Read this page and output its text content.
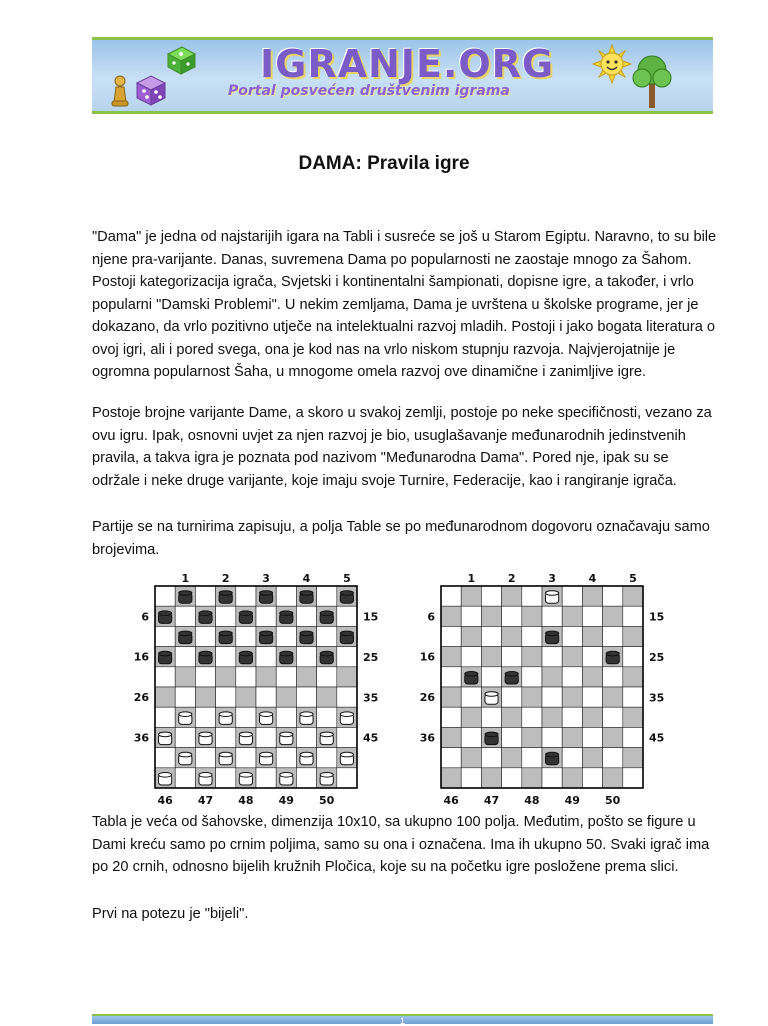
IGRANJE.ORG
Portal posvećen društvenim igrama
DAMA: Pravila igre

"Dama" je jedna od najstarijih igara na Tabli i susreće se još u Starom Egiptu. Naravno, to su bile njene pra-varijante. Danas, suvremena Dama po popularnosti ne zaostaje mnogo za Šahom. Postoji kategorizacija igrača, Svjetski i kontinentalni šampionati, dopisne igre, a također, i vrlo popularni "Damski Problemi". U nekim zemljama, Dama je uvrštena u školske programe, jer je dokazano, da vrlo pozitivno utječe na intelektualni razvoj mladih. Postoji i jako bogata literatura o ovoj igri, ali i pored svega, ona je kod nas na vrlo niskom stupnju razvoja. Najvjerojatnije je ogromna popularnost Šaha, u mnogome omela razvoj ove dinamične i zanimljive igre.

Postoje brojne varijante Dame, a skoro u svakoj zemlji, postoje po neke specifičnosti, vezano za ovu igru. Ipak, osnovni uvjet za njen razvoj je bio, usuglašavanje međunarodnih jedinstvenih pravila, a takva igra je poznata pod nazivom "Međunarodna Dama". Pored nje, ipak su se održale i neke druge varijante, koje imaju svoje Turnire, Federacije, kao i rangiranje igrača.

Partije se na turnirima zapisuju, a polja Table se po međunarodnom dogovoru označavaju samo brojevima.

1	2	3	4	5
6
16
26
36
15
25
35
45
46 47 48 49 50
1	2	3	4	5
6
16
26
36
15
25
35
45
46 47 48 49 50

Tabla je veća od šahovske, dimenzija 10x10, sa ukupno 100 polja. Međutim, pošto se figure u Dami kreću samo po crnim poljima, samo su ona i označena. Ima ih ukupno 50. Svaki igrač ima po 20 crnih, odnosno bijelih kružnih Pločica, koje su na početku igre posložene prema slici.

Prvi na potezu je "bijeli".

1
